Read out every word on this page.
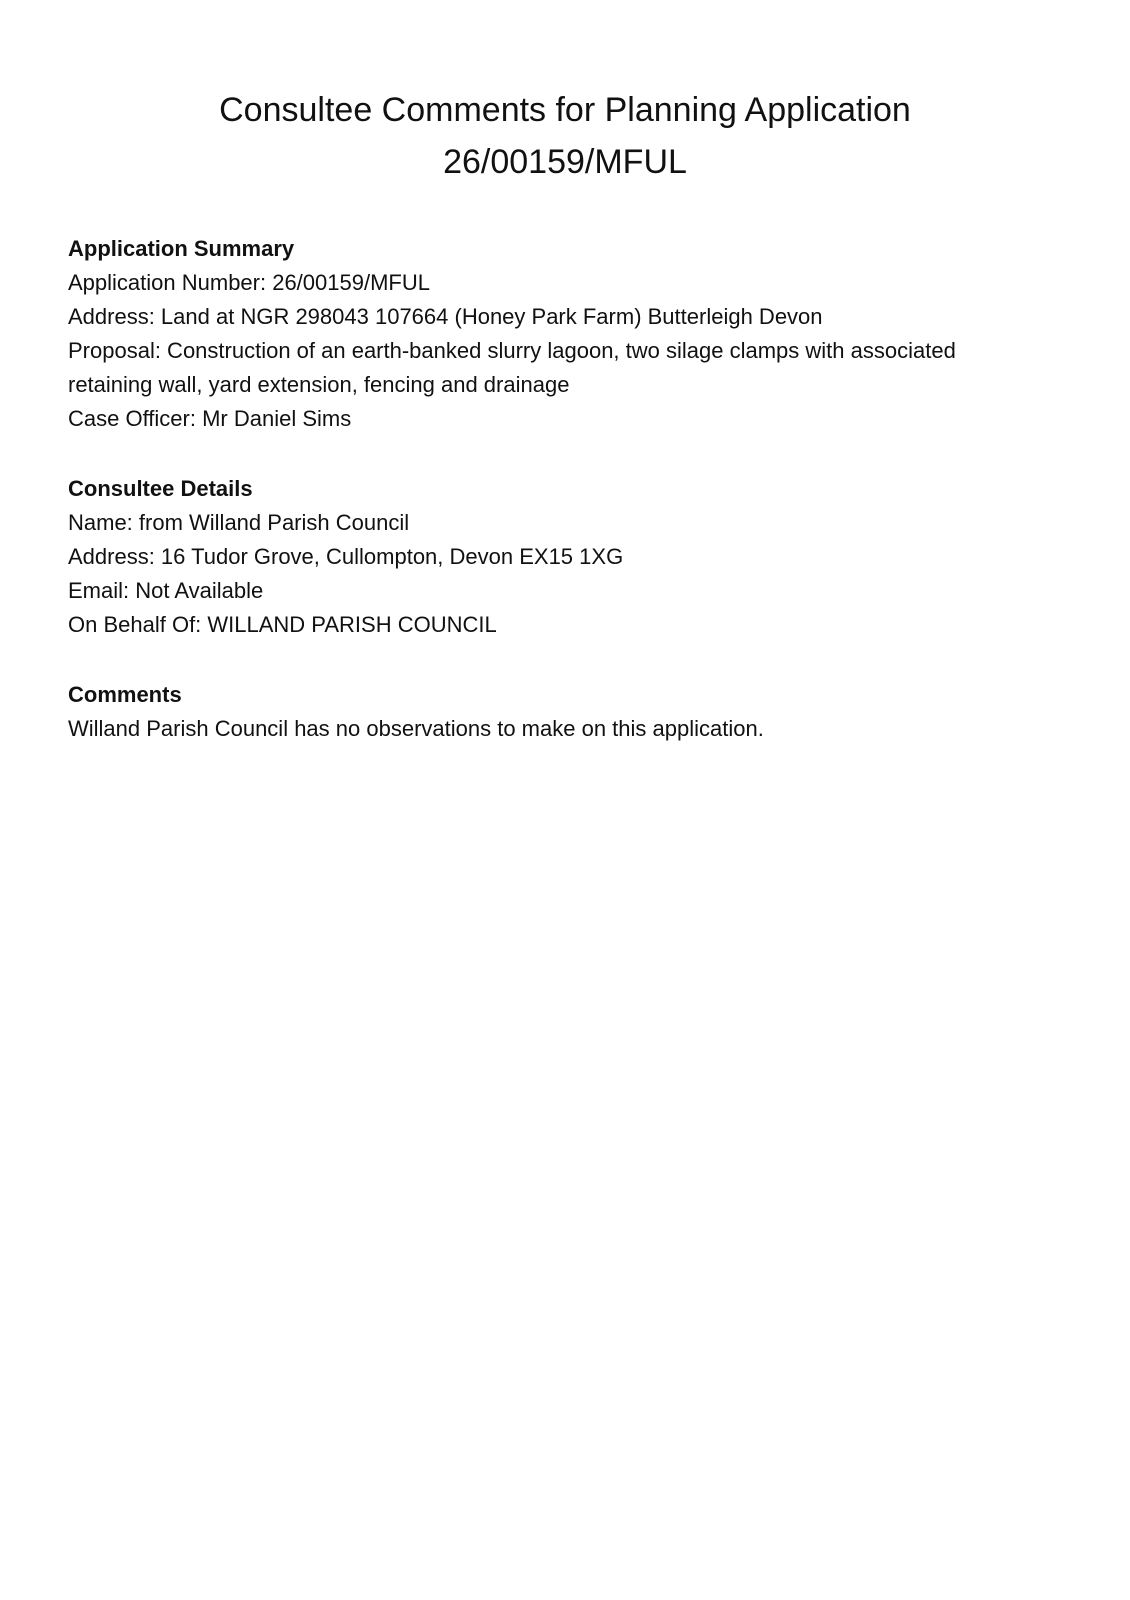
Consultee Comments for Planning Application
26/00159/MFUL
Application Summary

Application Number: 26/00159/MFUL

Address: Land at NGR 298043 107664 (Honey Park Farm) Butterleigh Devon

Proposal: Construction of an earth-banked slurry lagoon, two silage clamps with associated

retaining wall, yard extension, fencing and drainage

Case Officer: Mr Daniel Sims

Consultee Details

Name: from Willand Parish Council

Address: 16 Tudor Grove, Cullompton, Devon EX15 1XG

Email: Not Available

On Behalf Of: WILLAND PARISH COUNCIL

Comments

Willand Parish Council has no observations to make on this application.
